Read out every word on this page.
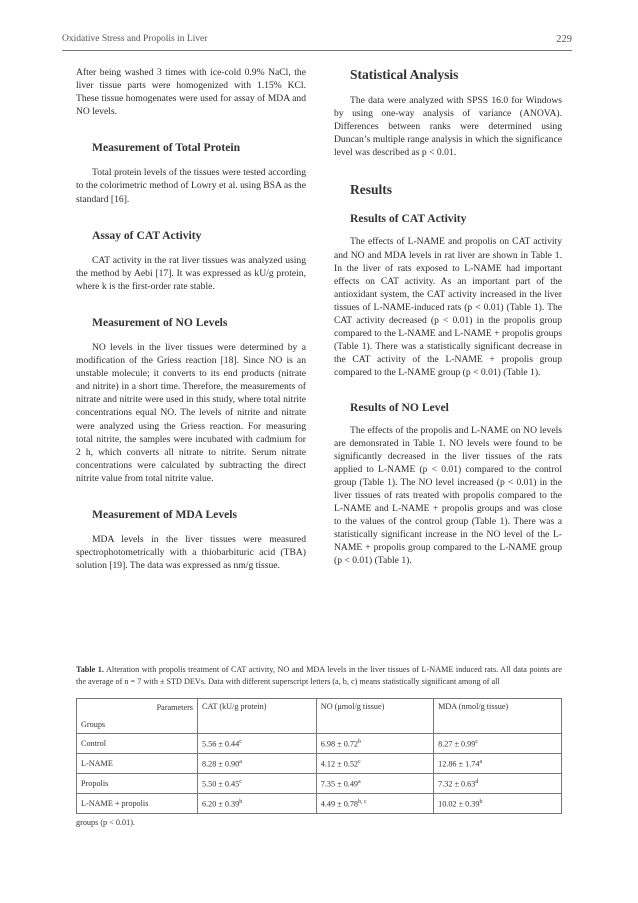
Oxidative Stress and Propolis in Liver	229

After being washed 3 times with ice-cold 0.9% NaCl, the liver tissue parts were homogenized with 1.15% KCl. These tissue homogenates were used for assay of MDA and NO levels.

Measurement of Total Protein

Total protein levels of the tissues were tested according to the colorimetric method of Lowry et al. using BSA as the standard [16].

Assay of CAT Activity

CAT activity in the rat liver tissues was analyzed using the method by Aebi [17]. It was expressed as kU/g protein, where k is the first-order rate stable.

Measurement of NO Levels

NO levels in the liver tissues were determined by a modification of the Griess reaction [18]. Since NO is an unstable molecule; it converts to its end products (nitrate and nitrite) in a short time. Therefore, the measurements of nitrate and nitrite were used in this study, where total nitrite concentrations equal NO. The levels of nitrite and nitrate were analyzed using the Griess reaction. For measuring total nitrite, the samples were incubated with cadmium for 2 h, which converts all nitrate to nitrite. Serum nitrate concentrations were calculated by subtracting the direct nitrite value from total nitrite value.

Measurement of MDA Levels

MDA levels in the liver tissues were measured spectrophotometrically with a thiobarbituric acid (TBA) solution [19]. The data was expressed as nm/g tissue.

Statistical Analysis

The data were analyzed with SPSS 16.0 for Windows by using one-way analysis of variance (ANOVA). Differences between ranks were determined using Duncan’s multiple range analysis in which the significance level was described as p < 0.01.

Results
Results of CAT Activity

The effects of L-NAME and propolis on CAT activity and NO and MDA levels in rat liver are shown in Table 1. In the liver of rats exposed to L-NAME had important effects on CAT activity. As an important part of the antioxidant system, the CAT activity increased in the liver tissues of L-NAME-induced rats (p < 0.01) (Table 1). The CAT activity decreased (p < 0.01) in the propolis group compared to the L-NAME and L-NAME + propolis groups (Table 1). There was a statistically significant decrease in the CAT activity of the L-NAME + propolis group compared to the L-NAME group (p < 0.01) (Table 1).

Results of NO Level

The effects of the propolis and L-NAME on NO levels are demonsrated in Table 1. NO levels were found to be significantly decreased in the liver tissues of the rats applied to L-NAME (p < 0.01) compared to the control group (Table 1). The NO level increased (p < 0.01) in the liver tissues of rats treated with propolis compared to the L-NAME and L-NAME + propolis groups and was close to the values of the control group (Table 1). There was a statistically significant increase in the NO level of the L-NAME + propolis group compared to the L-NAME group (p < 0.01) (Table 1).

Table 1. Alteration with propolis treatment of CAT activity, NO and MDA levels in the liver tissues of L-NAME induced rats. All data points are the average of n = 7 with ± STD DEVs. Data with different superscript letters (a, b, c) means statistically significant among of all
Parameters
Groups	CAT (kU/g protein)	NO (μmol/g tissue)	MDA (nmol/g tissue)
Control	5.56 ± 0.44$^c$	6.98 ± 0.72$^b$	8.27 ± 0.99$^c$
L-NAME	8.28 ± 0.90$^a$	4.12 ± 0.52$^c$	12.86 ± 1.74$^a$
Propolis	5.50 ± 0.45$^c$	7.35 ± 0.49$^a$	7.32 ± 0.63$^d$
L-NAME + propolis	6.20 ± 0.39$^b$	$4.49 \pm 0.78^{b, c}$	10.02 ± 0.39$^b$
groups (p < 0.01).
